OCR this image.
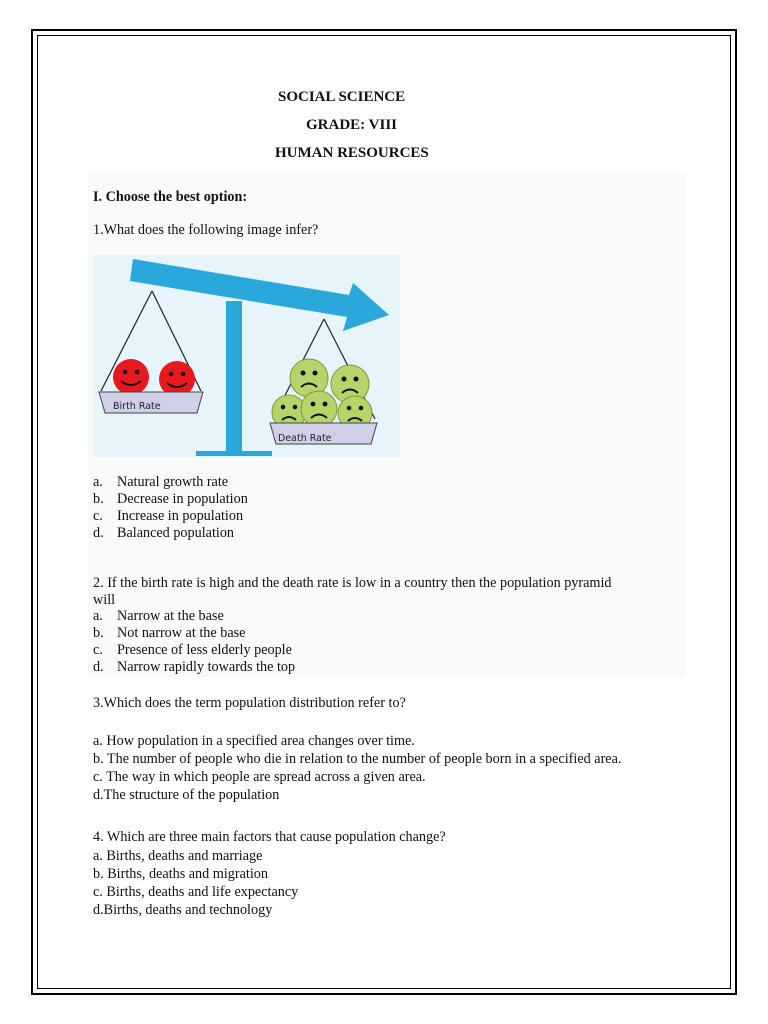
SOCIAL SCIENCE
GRADE: VIII
HUMAN RESOURCES
I. Choose the best option:
1.What does the following image infer?
Birth Rate
Death Rate
a. Natural growth rate
b. Decrease in population
c. Increase in population
d. Balanced population
2. If the birth rate is high and the death rate is low in a country then the population pyramid
will
a. Narrow at the base
b. Not narrow at the base
c. Presence of less elderly people
d. Narrow rapidly towards the top
3.Which does the term population distribution refer to?
a. How population in a specified area changes over time.
b. The number of people who die in relation to the number of people born in a specified area.
c. The way in which people are spread across a given area.
d.The structure of the population
4. Which are three main factors that cause population change?
a. Births, deaths and marriage
b. Births, deaths and migration
c. Births, deaths and life expectancy
d.Births, deaths and technology
